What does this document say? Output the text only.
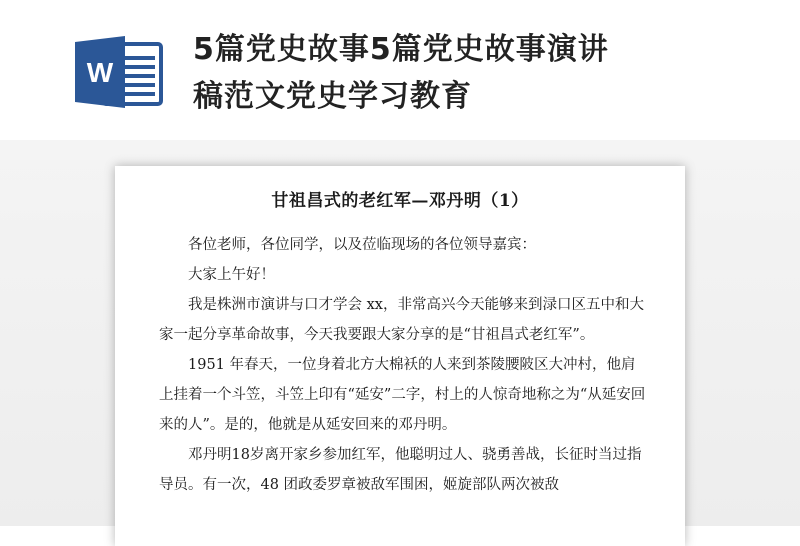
W
5篇党史故事5篇党史故事演讲
稿范文党史学习教育
甘祖昌式的老红军—邓丹明（1）

各位老师，各位同学，以及莅临现场的各位领导嘉宾：

大家上午好！

我是株洲市演讲与口才学会 xx，非常高兴今天能够来到渌口区五中和大家一起分享革命故事，今天我要跟大家分享的是“甘祖昌式老红军”。

1951 年春天，一位身着北方大棉袄的人来到茶陵腰陂区大冲村，他肩上挂着一个斗笠，斗笠上印有“延安”二字，村上的人惊奇地称之为“从延安回来的人”。是的，他就是从延安回来的邓丹明。

邓丹明18岁离开家乡参加红军，他聪明过人、骁勇善战，长征时当过指导员。有一次，48 团政委罗章被敌军围困，姬旋部队两次被敌
